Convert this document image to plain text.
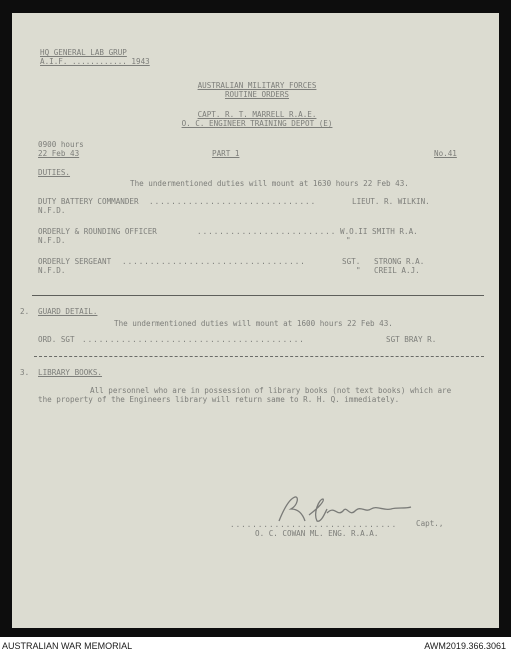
HQ GENERAL LAB GRUP
A.I.F. ............ 1943
AUSTRALIAN MILITARY FORCES
ROUTINE ORDERS
CAPT. R. T. MARRELL R.A.E.
O. C. ENGINEER TRAINING DEPOT (E)
0900 hours
22 Feb 43	PART 1	No.41
DUTIES.
The undermentioned duties will mount at 1630 hours 22 Feb 43.
DUTY BATTERY COMMANDER ..............................	LIEUT. R. WILKIN.
N.F.D.
ORDERLY & ROUNDING OFFICER	......................... W.O.II SMITH R.A.
N.F.D.	"
ORDERLY SERGEANT .................................	SGT. STRONG R.A.
N.F.D.	" CREIL A.J.
2. GUARD DETAIL.
The undermentioned duties will mount at 1600 hours 22 Feb 43.
ORD. SGT ........................................	SGT BRAY R.
3. LIBRARY BOOKS.
All personnel who are in possession of library books (not text books) which are the property of the Engineers library will return same to R. H. Q. immediately.
.............................. Capt.,
O. C. COWAN ML. ENG. R.A.A.
AUSTRALIAN WAR MEMORIAL	AWM2019.366.3061
